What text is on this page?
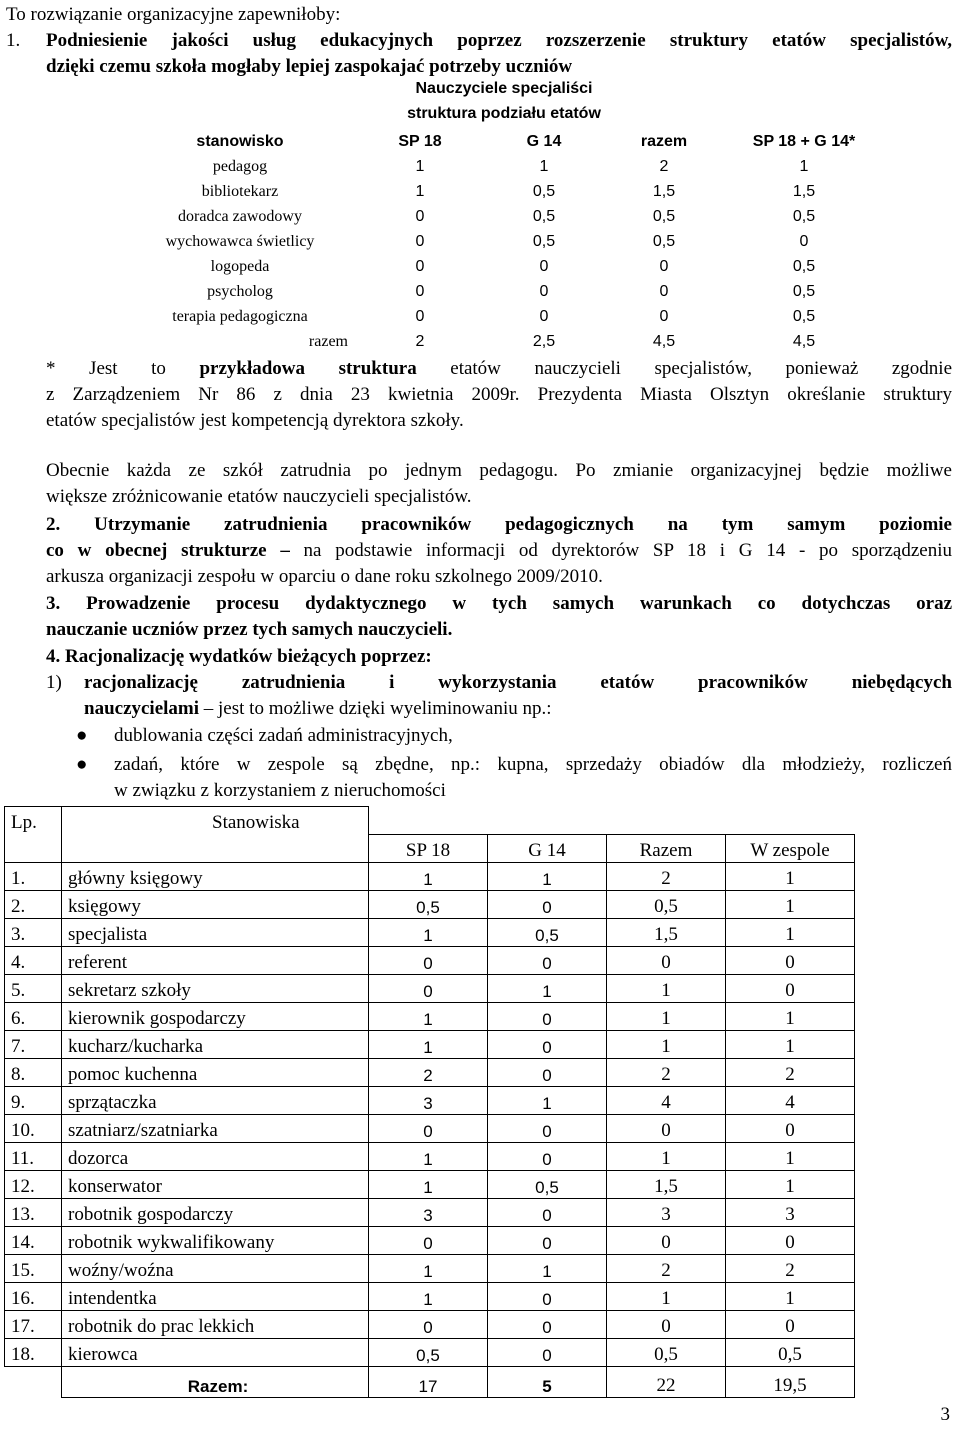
To rozwiązanie organizacyjne zapewniłoby:
1. Podniesienie jakości usług edukacyjnych poprzez rozszerzenie struktury etatów specjalistów,
dzięki czemu szkoła mogłaby lepiej zaspokajać potrzeby uczniów
Nauczyciele specjaliści
struktura podziału etatów
stanowisko	SP 18	G 14	razem	SP 18 + G 14*
pedagog	1	1	2	1
bibliotekarz	1	0,5	1,5	1,5
doradca zawodowy	0	0,5	0,5	0,5
wychowawca świetlicy	0	0,5	0,5	0
logopeda	0	0	0	0,5
psycholog	0	0	0	0,5
terapia pedagogiczna	0	0	0	0,5
razem	2	2,5	4,5	4,5
* Jest to przykładowa struktura etatów nauczycieli specjalistów, ponieważ zgodnie
z Zarządzeniem Nr 86 z dnia 23 kwietnia 2009r. Prezydenta Miasta Olsztyn określanie struktury
etatów specjalistów jest kompetencją dyrektora szkoły.
Obecnie każda ze szkół zatrudnia po jednym pedagogu. Po zmianie organizacyjnej będzie możliwe
większe zróżnicowanie etatów nauczycieli specjalistów.
2. Utrzymanie zatrudnienia pracowników pedagogicznych na tym samym poziomie
co w obecnej strukturze – na podstawie informacji od dyrektorów SP 18 i G 14 - po sporządzeniu
arkusza organizacji zespołu w oparciu o dane roku szkolnego 2009/2010.
3. Prowadzenie procesu dydaktycznego w tych samych warunkach co dotychczas oraz
nauczanie uczniów przez tych samych nauczycieli.
4. Racjonalizację wydatków bieżących poprzez:
1) racjonalizację zatrudnienia i wykorzystania etatów pracowników niebędących
nauczycielami – jest to możliwe dzięki wyeliminowaniu np.:
● dublowania części zadań administracyjnych,
● zadań, które w zespole są zbędne, np.: kupna, sprzedaży obiadów dla młodzieży, rozliczeń
w związku z korzystaniem z nieruchomości
Lp.	Stanowiska				
		SP 18	G 14	Razem	W zespole
1.	główny księgowy	1	1	2	1
2.	księgowy	0,5	0	0,5	1
3.	specjalista	1	0,5	1,5	1
4.	referent	0	0	0	0
5.	sekretarz szkoły	0	1	1	0
6.	kierownik gospodarczy	1	0	1	1
7.	kucharz/kucharka	1	0	1	1
8.	pomoc kuchenna	2	0	2	2
9.	sprzątaczka	3	1	4	4
10.	szatniarz/szatniarka	0	0	0	0
11.	dozorca	1	0	1	1
12.	konserwator	1	0,5	1,5	1
13.	robotnik gospodarczy	3	0	3	3
14.	robotnik wykwalifikowany	0	0	0	0
15.	woźny/woźna	1	1	2	2
16.	intendentka	1	0	1	1
17.	robotnik do prac lekkich	0	0	0	0
18.	kierowca	0,5	0	0,5	0,5
	Razem:	17	5	22	19,5
3
